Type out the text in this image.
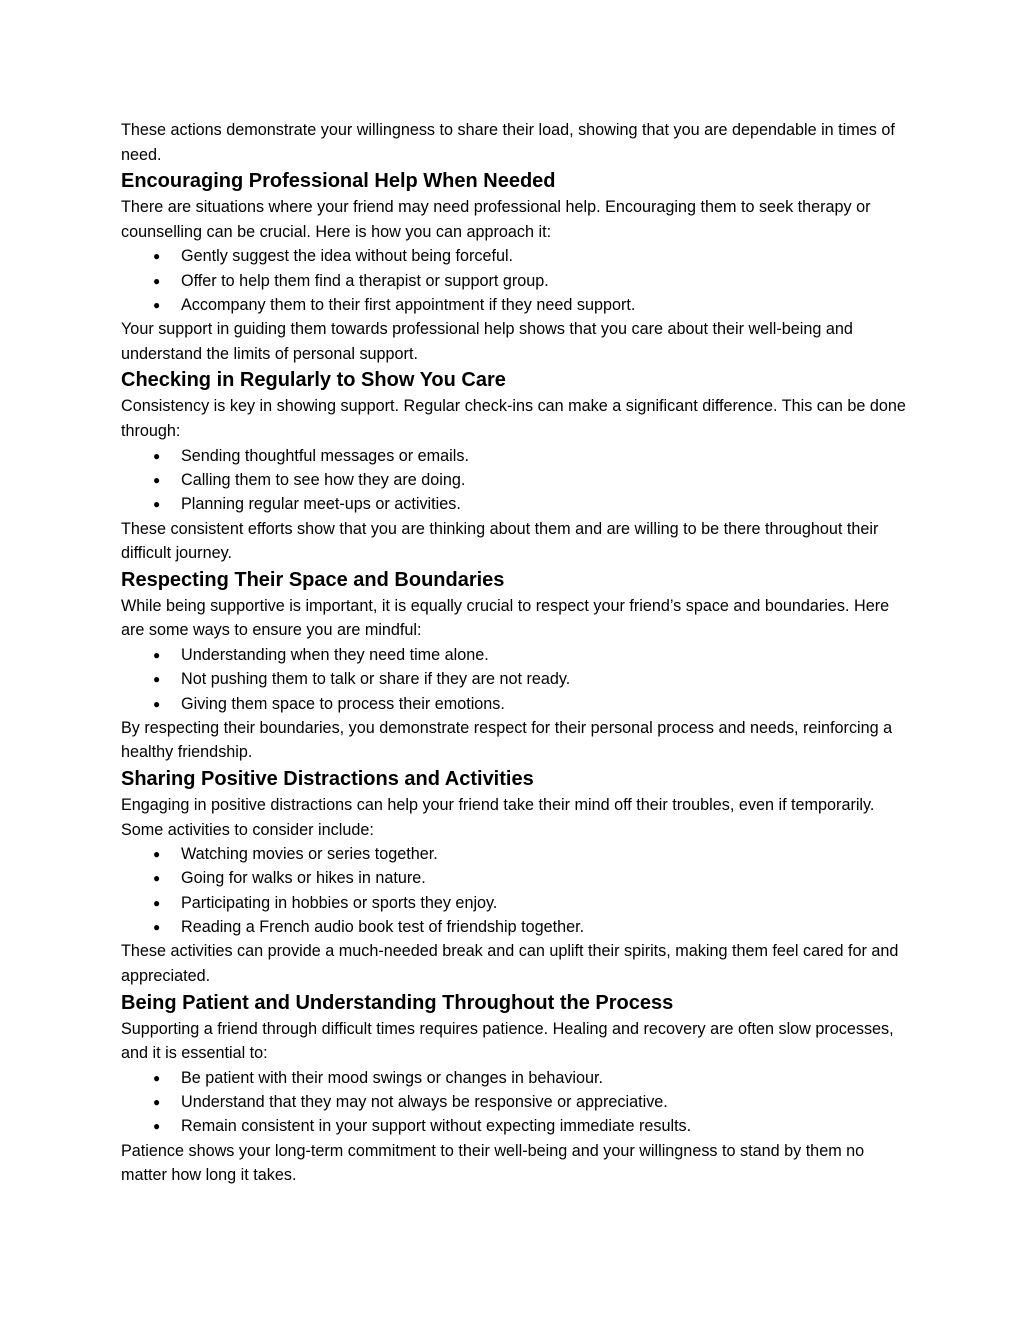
These actions demonstrate your willingness to share their load, showing that you are dependable in times of need.

Encouraging Professional Help When Needed

There are situations where your friend may need professional help. Encouraging them to seek therapy or counselling can be crucial. Here is how you can approach it:

● Gently suggest the idea without being forceful.
● Offer to help them find a therapist or support group.
● Accompany them to their first appointment if they need support.

Your support in guiding them towards professional help shows that you care about their well-being and understand the limits of personal support.

Checking in Regularly to Show You Care

Consistency is key in showing support. Regular check-ins can make a significant difference. This can be done through:

● Sending thoughtful messages or emails.
● Calling them to see how they are doing.
● Planning regular meet-ups or activities.

These consistent efforts show that you are thinking about them and are willing to be there throughout their difficult journey.

Respecting Their Space and Boundaries

While being supportive is important, it is equally crucial to respect your friend’s space and boundaries. Here are some ways to ensure you are mindful:

● Understanding when they need time alone.
● Not pushing them to talk or share if they are not ready.
● Giving them space to process their emotions.

By respecting their boundaries, you demonstrate respect for their personal process and needs, reinforcing a healthy friendship.

Sharing Positive Distractions and Activities

Engaging in positive distractions can help your friend take their mind off their troubles, even if temporarily. Some activities to consider include:

● Watching movies or series together.
● Going for walks or hikes in nature.
● Participating in hobbies or sports they enjoy.
● Reading a French audio book test of friendship together.

These activities can provide a much-needed break and can uplift their spirits, making them feel cared for and appreciated.

Being Patient and Understanding Throughout the Process

Supporting a friend through difficult times requires patience. Healing and recovery are often slow processes, and it is essential to:

● Be patient with their mood swings or changes in behaviour.
● Understand that they may not always be responsive or appreciative.
● Remain consistent in your support without expecting immediate results.

Patience shows your long-term commitment to their well-being and your willingness to stand by them no matter how long it takes.
